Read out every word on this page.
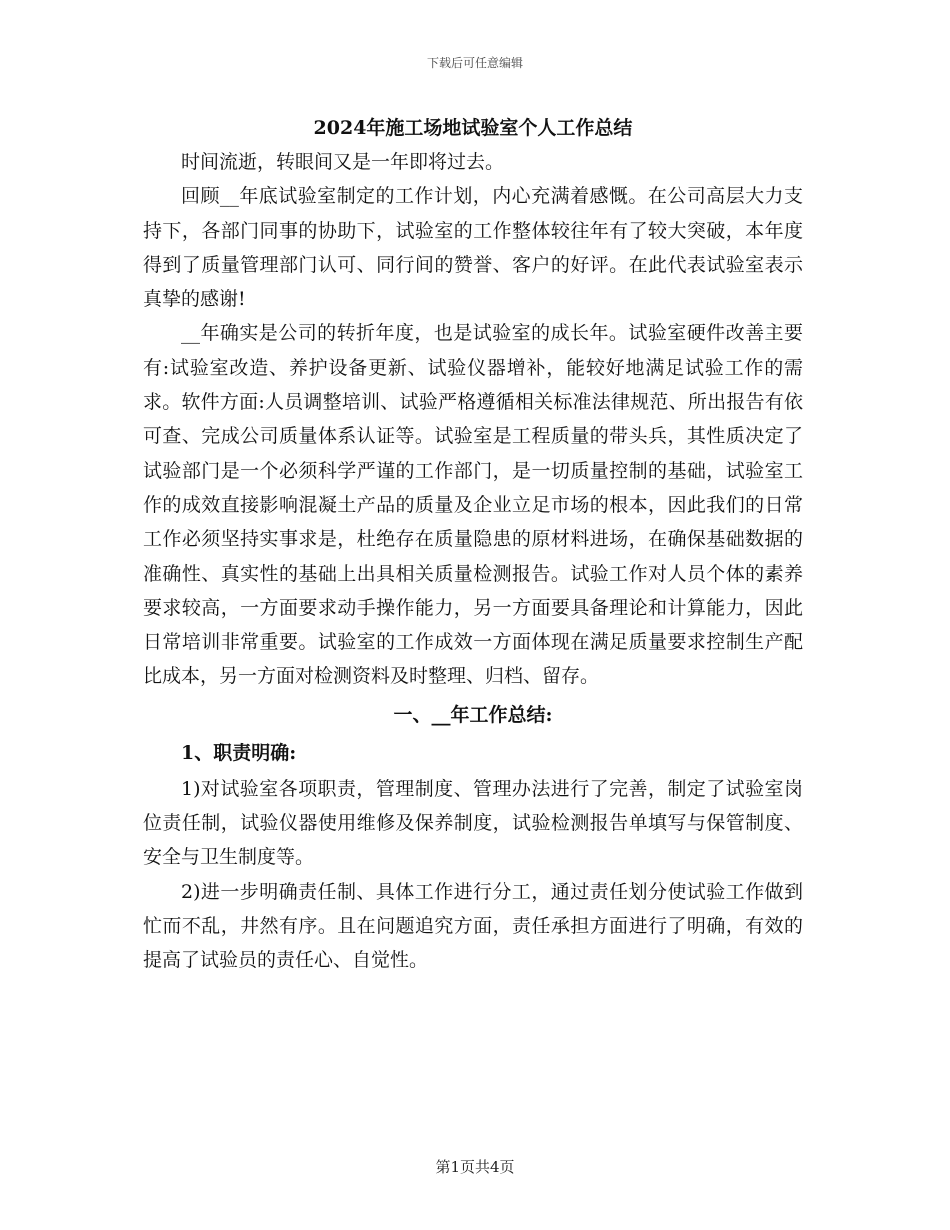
下载后可任意编辑
2024年施工场地试验室个人工作总结

时间流逝，转眼间又是一年即将过去。

回顾__年底试验室制定的工作计划，内心充满着感慨。在公司高层大力支持下，各部门同事的协助下，试验室的工作整体较往年有了较大突破，本年度得到了质量管理部门认可、同行间的赞誉、客户的好评。在此代表试验室表示真挚的感谢!

__年确实是公司的转折年度，也是试验室的成长年。试验室硬件改善主要有:试验室改造、养护设备更新、试验仪器增补，能较好地满足试验工作的需求。软件方面:人员调整培训、试验严格遵循相关标准法律规范、所出报告有依可查、完成公司质量体系认证等。试验室是工程质量的带头兵，其性质决定了试验部门是一个必须科学严谨的工作部门，是一切质量控制的基础，试验室工作的成效直接影响混凝土产品的质量及企业立足市场的根本，因此我们的日常工作必须坚持实事求是，杜绝存在质量隐患的原材料进场，在确保基础数据的准确性、真实性的基础上出具相关质量检测报告。试验工作对人员个体的素养要求较高，一方面要求动手操作能力，另一方面要具备理论和计算能力，因此日常培训非常重要。试验室的工作成效一方面体现在满足质量要求控制生产配比成本，另一方面对检测资料及时整理、归档、留存。

一、__年工作总结:
1、职责明确:

1)对试验室各项职责，管理制度、管理办法进行了完善，制定了试验室岗位责任制，试验仪器使用维修及保养制度，试验检测报告单填写与保管制度、安全与卫生制度等。

2)进一步明确责任制、具体工作进行分工，通过责任划分使试验工作做到忙而不乱，井然有序。且在问题追究方面，责任承担方面进行了明确，有效的提高了试验员的责任心、自觉性。

第1页共4页
